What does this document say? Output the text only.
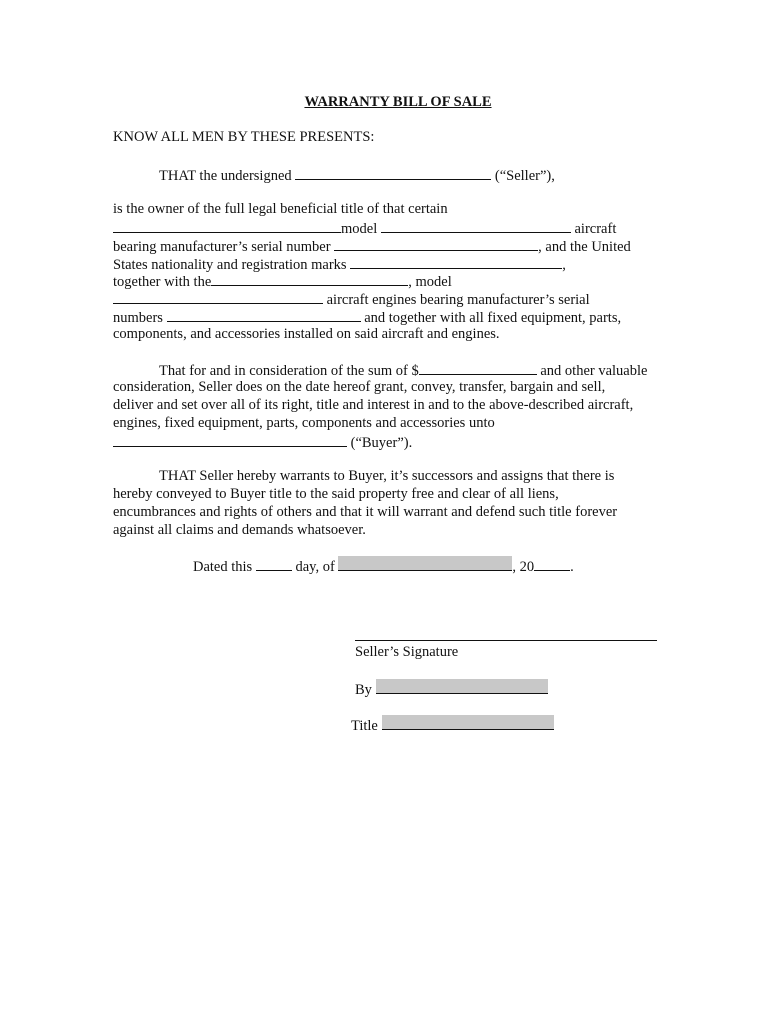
WARRANTY BILL OF SALE
KNOW ALL MEN BY THESE PRESENTS:
THAT the undersigned	(“Seller”),
is the owner of the full legal beneficial title of that certain
model	aircraft
bearing manufacturer’s serial number	, and the United
States nationality and registration marks	,
together with the	, model
aircraft engines bearing manufacturer’s serial
numbers	and together with all fixed equipment, parts,
components, and accessories installed on said aircraft and engines.
That for and in consideration of the sum of $	and other valuable
consideration, Seller does on the date hereof grant, convey, transfer, bargain and sell,
deliver and set over all of its right, title and interest in and to the above-described aircraft,
engines, fixed equipment, parts, components and accessories unto
(“Buyer”).
THAT Seller hereby warrants to Buyer, it’s successors and assigns that there is
hereby conveyed to Buyer title to the said property free and clear of all liens,
encumbrances and rights of others and that it will warrant and defend such title forever
against all claims and demands whatsoever.
Dated this	day, of	, 20 .
Seller’s Signature
By
Title
